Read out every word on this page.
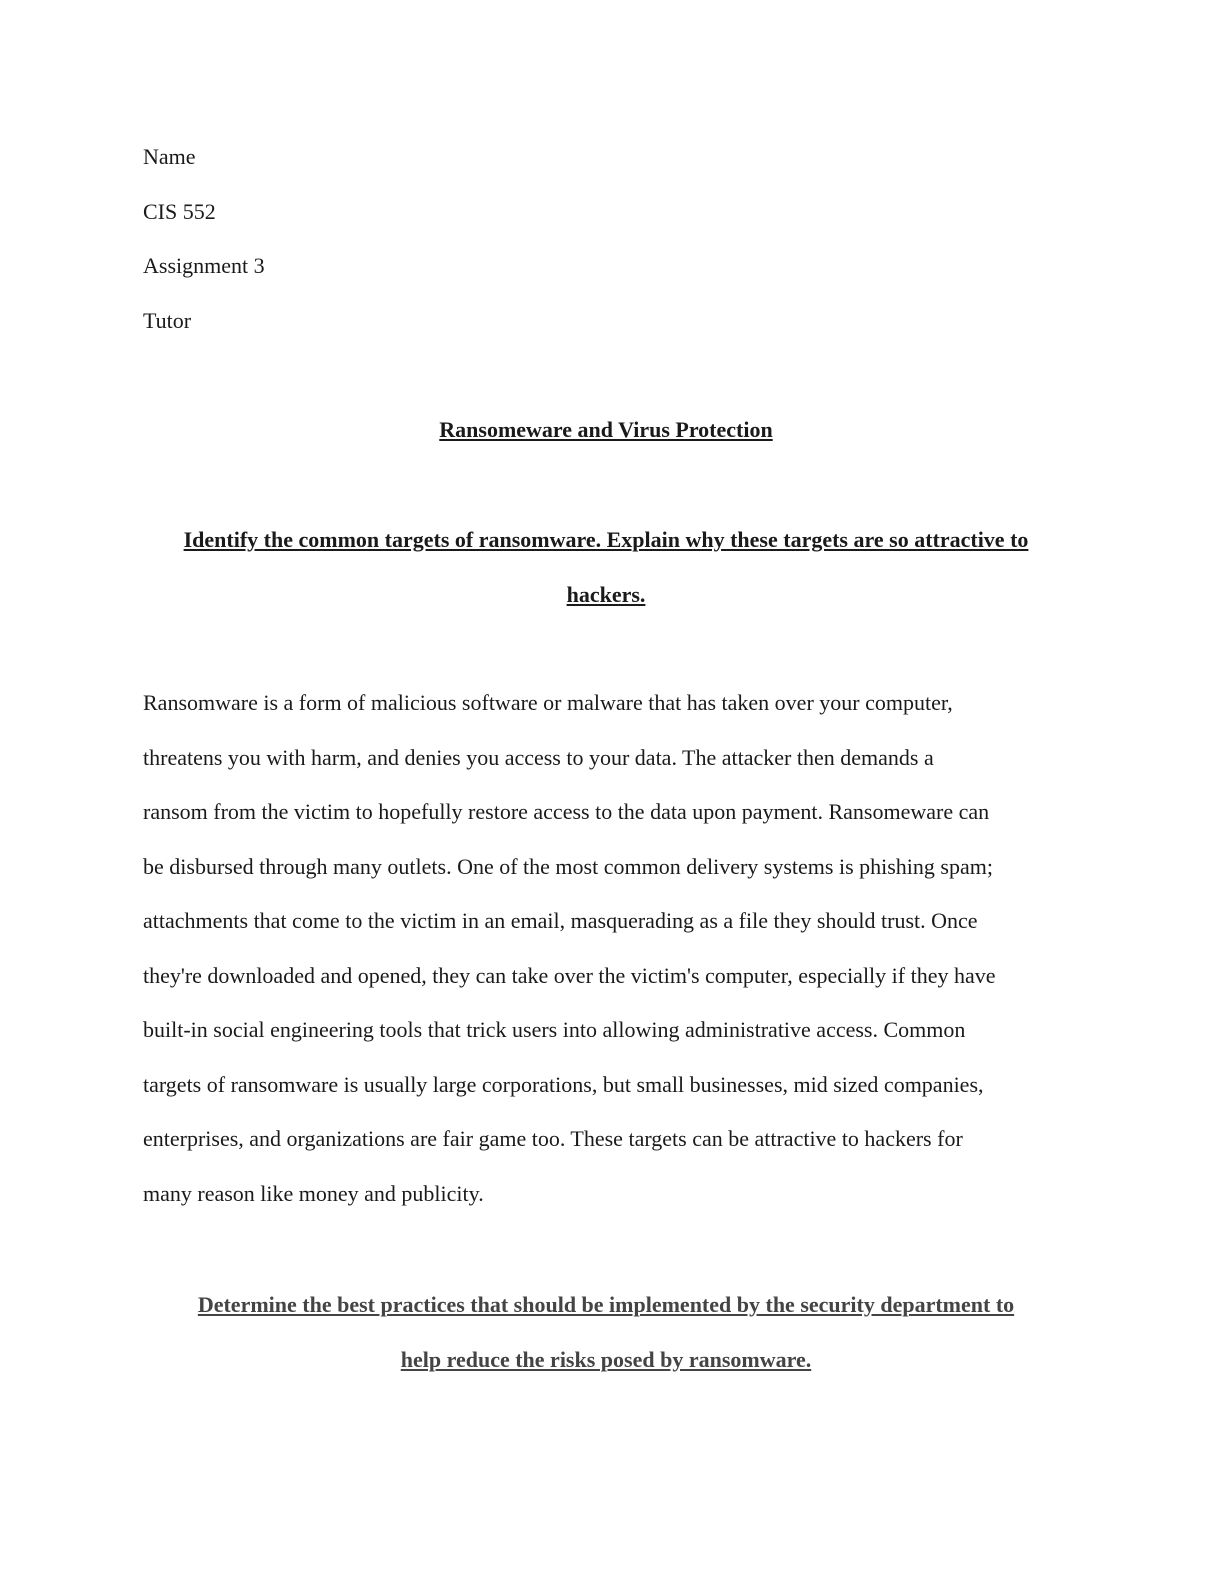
Name
CIS 552
Assignment 3
Tutor
Ransomeware and Virus Protection
Identify the common targets of ransomware. Explain why these targets are so attractive to
hackers.
Ransomware is a form of malicious software or malware that has taken over your computer,
threatens you with harm, and denies you access to your data. The attacker then demands a
ransom from the victim to hopefully restore access to the data upon payment. Ransomeware can
be disbursed through many outlets. One of the most common delivery systems is phishing spam;
attachments that come to the victim in an email, masquerading as a file they should trust. Once
they're downloaded and opened, they can take over the victim's computer, especially if they have
built-in social engineering tools that trick users into allowing administrative access. Common
targets of ransomware is usually large corporations, but small businesses, mid sized companies,
enterprises, and organizations are fair game too. These targets can be attractive to hackers for
many reason like money and publicity.
Determine the best practices that should be implemented by the security department to
help reduce the risks posed by ransomware.
